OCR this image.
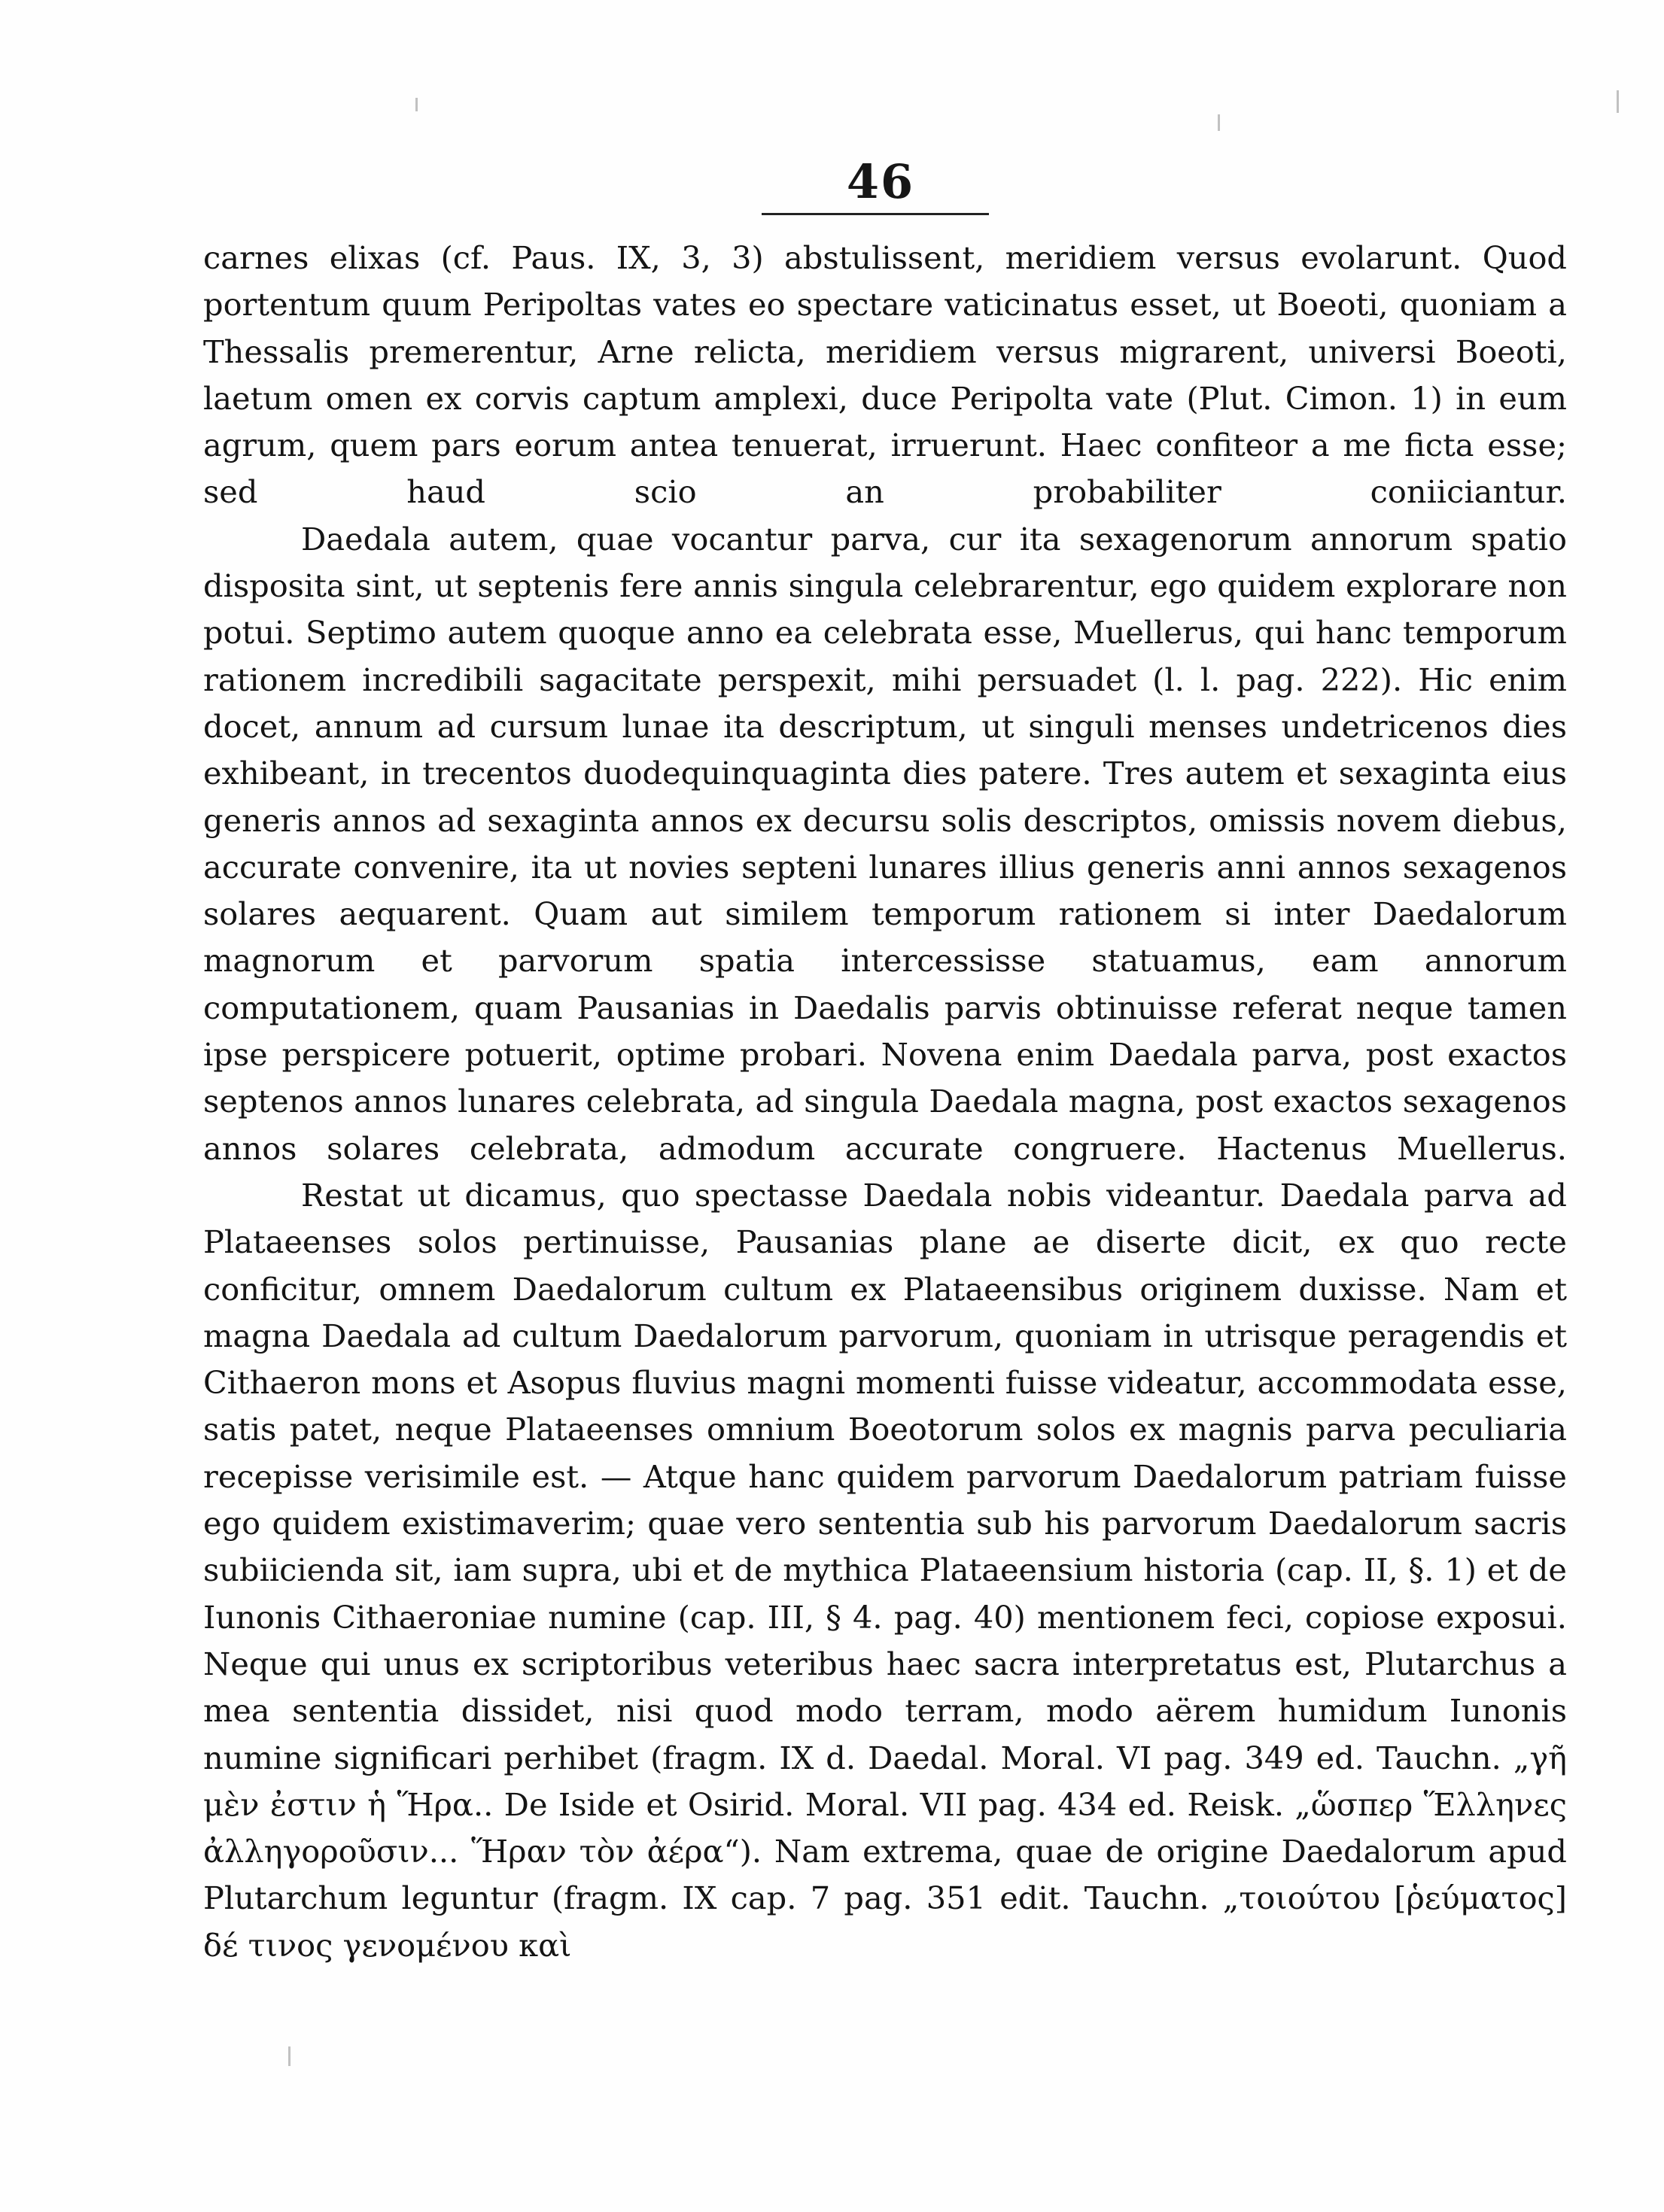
46

carnes elixas (cf. Paus. IX, 3, 3) abstulissent, meridiem versus evolarunt. Quod portentum quum Peripoltas vates eo spectare vaticinatus esset, ut Boeoti, quoniam a Thessalis premerentur, Arne relicta, meridiem versus migrarent, universi Boeoti, laetum omen ex corvis captum amplexi, duce Peripolta vate (Plut. Cimon. 1) in eum agrum, quem pars eorum antea tenuerat, irruerunt. Haec confiteor a me ficta esse; sed haud scio an probabiliter coniiciantur.

Daedala autem, quae vocantur parva, cur ita sexagenorum annorum spatio disposita sint, ut septenis fere annis singula celebrarentur, ego quidem explorare non potui. Septimo autem quoque anno ea celebrata esse, Muellerus, qui hanc temporum rationem incredibili sagacitate perspexit, mihi persuadet (l. l. pag. 222). Hic enim docet, annum ad cursum lunae ita descriptum, ut singuli menses undetricenos dies exhibeant, in trecentos duodequinquaginta dies patere. Tres autem et sexaginta eius generis annos ad sexaginta annos ex decursu solis descriptos, omissis novem diebus, accurate convenire, ita ut novies septeni lunares illius generis anni annos sexagenos solares aequarent. Quam aut similem temporum rationem si inter Daedalorum magnorum et parvorum spatia intercessisse statuamus, eam annorum computationem, quam Pausanias in Daedalis parvis obtinuisse referat neque tamen ipse perspicere potuerit, optime probari. Novena enim Daedala parva, post exactos septenos annos lunares celebrata, ad singula Daedala magna, post exactos sexagenos annos solares celebrata, admodum accurate congruere. Hactenus Muellerus.

Restat ut dicamus, quo spectasse Daedala nobis videantur. Daedala parva ad Plataeenses solos pertinuisse, Pausanias plane ae diserte dicit, ex quo recte conficitur, omnem Daedalorum cultum ex Plataeensibus originem duxisse. Nam et magna Daedala ad cultum Daedalorum parvorum, quoniam in utrisque peragendis et Cithaeron mons et Asopus fluvius magni momenti fuisse videatur, accommodata esse, satis patet, neque Plataeenses omnium Boeotorum solos ex magnis parva peculiaria recepisse verisimile est. — Atque hanc quidem parvorum Daedalorum patriam fuisse ego quidem existimaverim; quae vero sententia sub his parvorum Daedalorum sacris subiicienda sit, iam supra, ubi et de mythica Plataeensium historia (cap. II, §. 1) et de Iunonis Cithaeroniae numine (cap. III, § 4. pag. 40) mentionem feci, copiose exposui. Neque qui unus ex scriptoribus veteribus haec sacra interpretatus est, Plutarchus a mea sententia dissidet, nisi quod modo terram, modo aërem humidum Iunonis numine significari perhibet (fragm. IX d. Daedal. Moral. VI pag. 349 ed. Tauchn. „γῆ μὲν ἐστιν ἡ Ἥρα.. De Iside et Osirid. Moral. VII pag. 434 ed. Reisk. „ὥσπερ Ἕλληνες ἀλληγοροῦσιν... Ἥραν τὸν ἀέρα“). Nam extrema, quae de origine Daedalorum apud Plutarchum leguntur (fragm. IX cap. 7 pag. 351 edit. Tauchn. „τοιούτου [ῥεύματος] δέ τινος γενομένου καὶ
